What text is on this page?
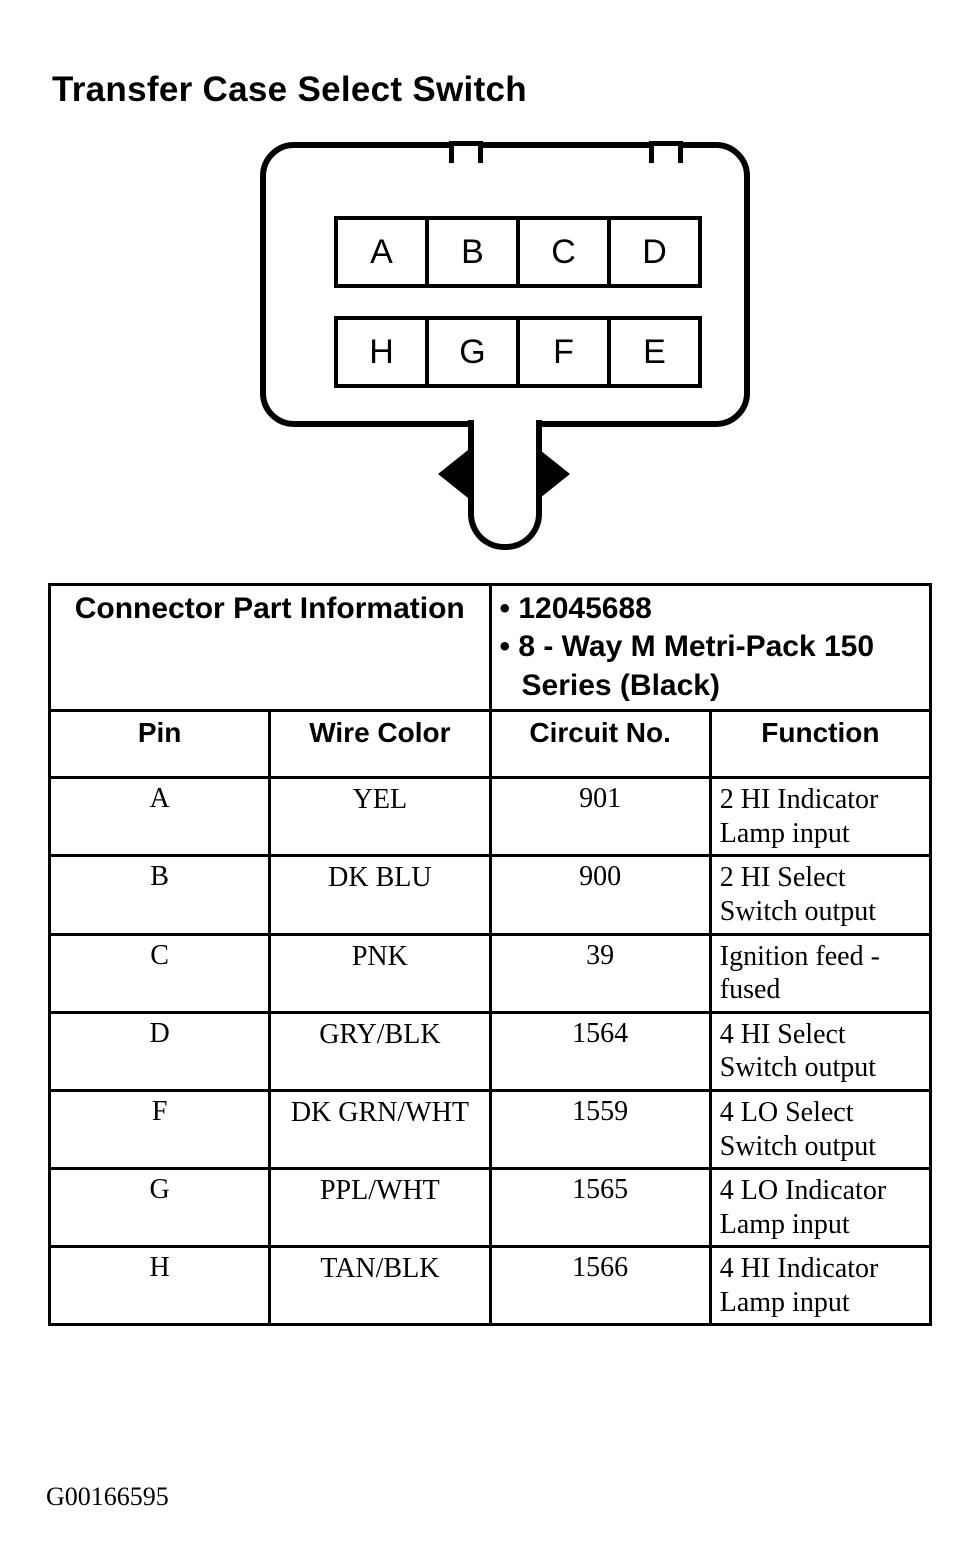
Transfer Case Select Switch
A	B	C	D
H	G	F	E
Connector Part Information		• 12045688
• 8 - Way M Metri-Pack 150 Series (Black)	

Pin	Wire Color	Circuit No.	Function
A	YEL	901	2 HI Indicator Lamp input
B	DK BLU	900	2 HI Select Switch output
C	PNK	39	Ignition feed - fused
D	GRY/BLK	1564	4 HI Select Switch output
F	DK GRN/WHT	1559	4 LO Select Switch output
G	PPL/WHT	1565	4 LO Indicator Lamp input
H	TAN/BLK	1566	4 HI Indicator Lamp input
G00166595
